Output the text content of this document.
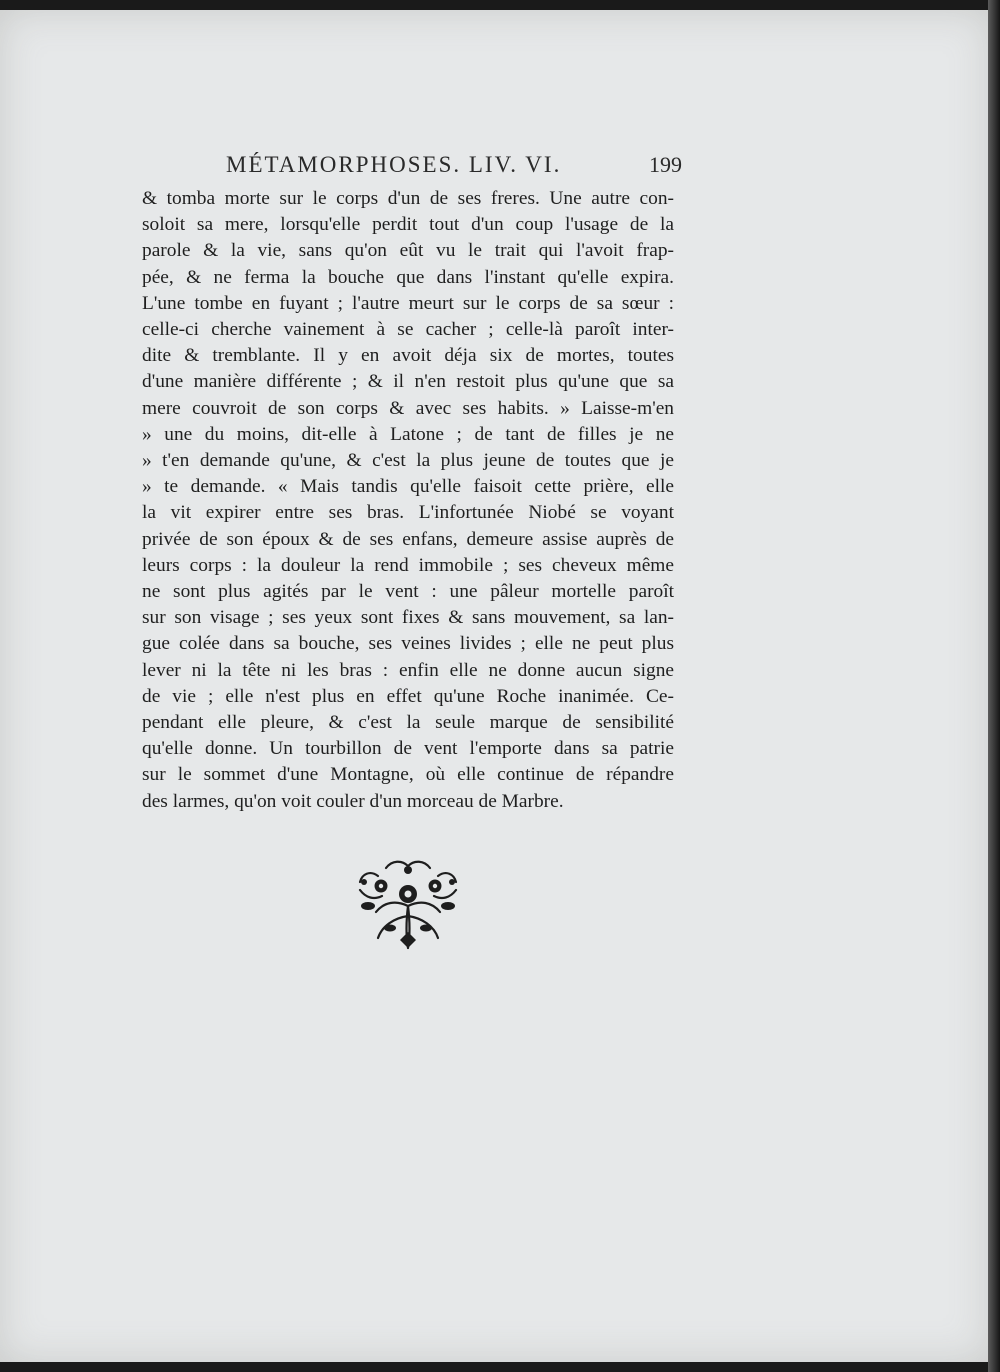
MÉTAMORPHOSES. LIV. VI.	199
& tomba morte sur le corps d'un de ses freres. Une autre con-
soloit sa mere, lorsqu'elle perdit tout d'un coup l'usage de la
parole & la vie, sans qu'on eût vu le trait qui l'avoit frap-
pée, & ne ferma la bouche que dans l'instant qu'elle expira.
L'une tombe en fuyant ; l'autre meurt sur le corps de sa sœur :
celle-ci cherche vainement à se cacher ; celle-là paroît inter-
dite & tremblante. Il y en avoit déja six de mortes, toutes
d'une manière différente ; & il n'en restoit plus qu'une que sa
mere couvroit de son corps & avec ses habits. » Laisse-m'en
» une du moins, dit-elle à Latone ; de tant de filles je ne
» t'en demande qu'une, & c'est la plus jeune de toutes que je
» te demande. « Mais tandis qu'elle faisoit cette prière, elle
la vit expirer entre ses bras. L'infortunée Niobé se voyant
privée de son époux & de ses enfans, demeure assise auprès de
leurs corps : la douleur la rend immobile ; ses cheveux même
ne sont plus agités par le vent : une pâleur mortelle paroît
sur son visage ; ses yeux sont fixes & sans mouvement, sa lan-
gue colée dans sa bouche, ses veines livides ; elle ne peut plus
lever ni la tête ni les bras : enfin elle ne donne aucun signe
de vie ; elle n'est plus en effet qu'une Roche inanimée. Ce-
pendant elle pleure, & c'est la seule marque de sensibilité
qu'elle donne. Un tourbillon de vent l'emporte dans sa patrie
sur le sommet d'une Montagne, où elle continue de répandre
des larmes, qu'on voit couler d'un morceau de Marbre.
